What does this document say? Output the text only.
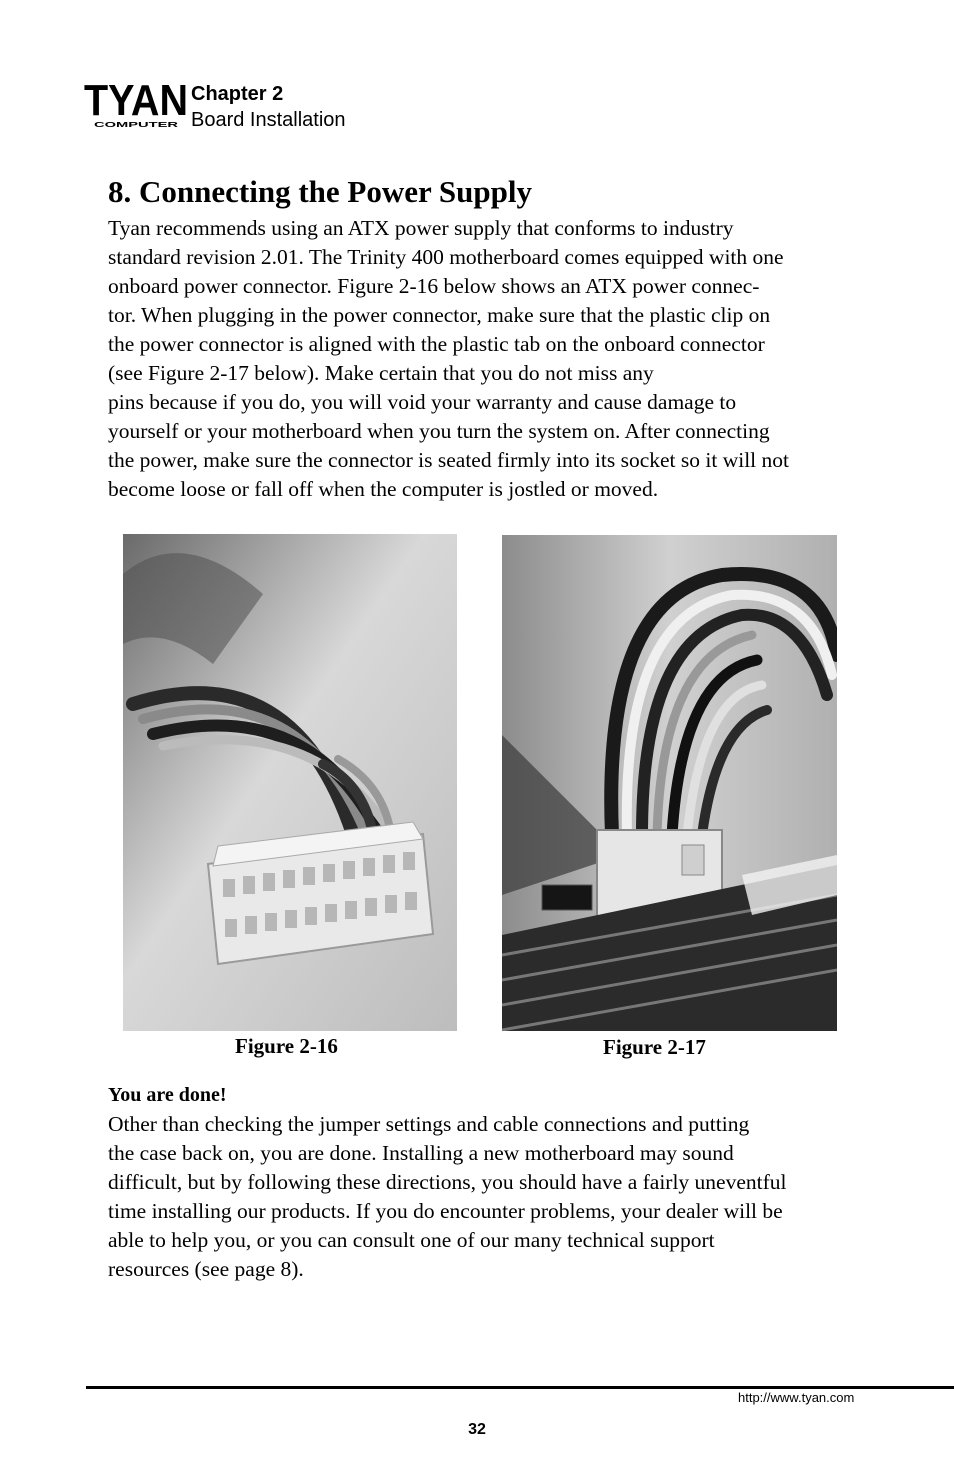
TYAN
COMPUTER
Chapter 2
Board Installation
8. Connecting the Power Supply
Tyan recommends using an ATX power supply that conforms to industry
standard revision 2.01. The Trinity 400 motherboard comes equipped with one
onboard power connector. Figure 2-16 below shows an ATX power connec-
tor. When plugging in the power connector, make sure that the plastic clip on
the power connector is aligned with the plastic tab on the onboard connector
(see Figure 2-17 below). Make certain that you do not miss any
pins because if you do, you will void your warranty and cause damage to
yourself or your motherboard when you turn the system on. After connecting
the power, make sure the connector is seated firmly into its socket so it will not
become loose or fall off when the computer is jostled or moved.
Figure 2-16	Figure 2-17
You are done!
Other than checking the jumper settings and cable connections and putting
the case back on, you are done. Installing a new motherboard may sound
difficult, but by following these directions, you should have a fairly uneventful
time installing our products. If you do encounter problems, your dealer will be
able to help you, or you can consult one of our many technical support
resources (see page 8).
http://www.tyan.com
32
